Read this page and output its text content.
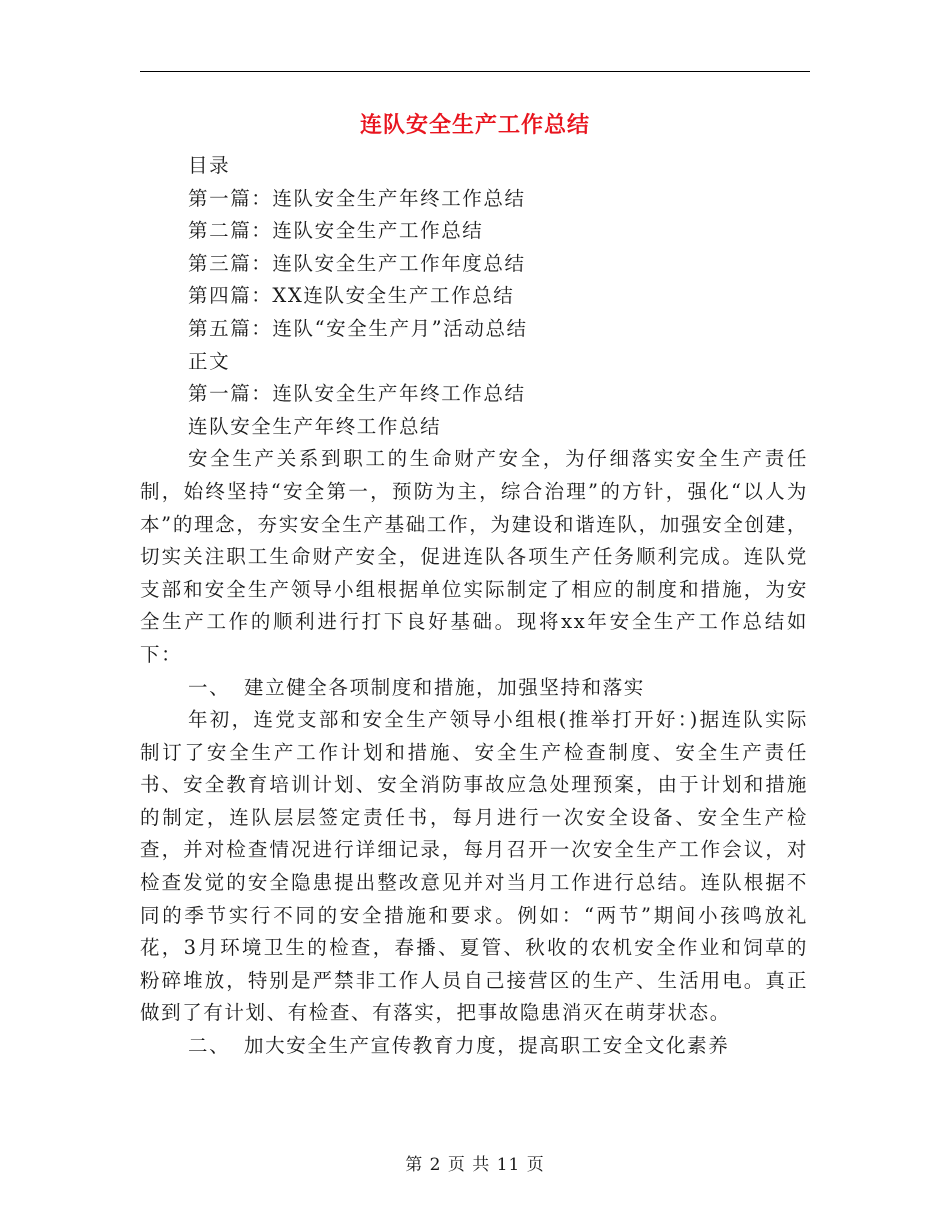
连队安全生产工作总结

目录

第一篇：连队安全生产年终工作总结

第二篇：连队安全生产工作总结

第三篇：连队安全生产工作年度总结

第四篇：XX连队安全生产工作总结

第五篇：连队“安全生产月”活动总结

正文

第一篇：连队安全生产年终工作总结

连队安全生产年终工作总结

安全生产关系到职工的生命财产安全，为仔细落实安全生产责任制，始终坚持“安全第一，预防为主，综合治理”的方针，强化“以人为本”的理念，夯实安全生产基础工作，为建设和谐连队，加强安全创建，切实关注职工生命财产安全，促进连队各项生产任务顺利完成。连队党支部和安全生产领导小组根据单位实际制定了相应的制度和措施，为安全生产工作的顺利进行打下良好基础。现将xx年安全生产工作总结如下：

一、 建立健全各项制度和措施，加强坚持和落实

年初，连党支部和安全生产领导小组根(推举打开好：)据连队实际制订了安全生产工作计划和措施、安全生产检查制度、安全生产责任书、安全教育培训计划、安全消防事故应急处理预案，由于计划和措施的制定，连队层层签定责任书，每月进行一次安全设备、安全生产检查，并对检查情况进行详细记录，每月召开一次安全生产工作会议，对检查发觉的安全隐患提出整改意见并对当月工作进行总结。连队根据不同的季节实行不同的安全措施和要求。例如：“两节”期间小孩鸣放礼花，3月环境卫生的检查，春播、夏管、秋收的农机安全作业和饲草的粉碎堆放，特别是严禁非工作人员自己接营区的生产、生活用电。真正做到了有计划、有检查、有落实，把事故隐患消灭在萌芽状态。

二、 加大安全生产宣传教育力度，提高职工安全文化素养

第 2 页 共 11 页
